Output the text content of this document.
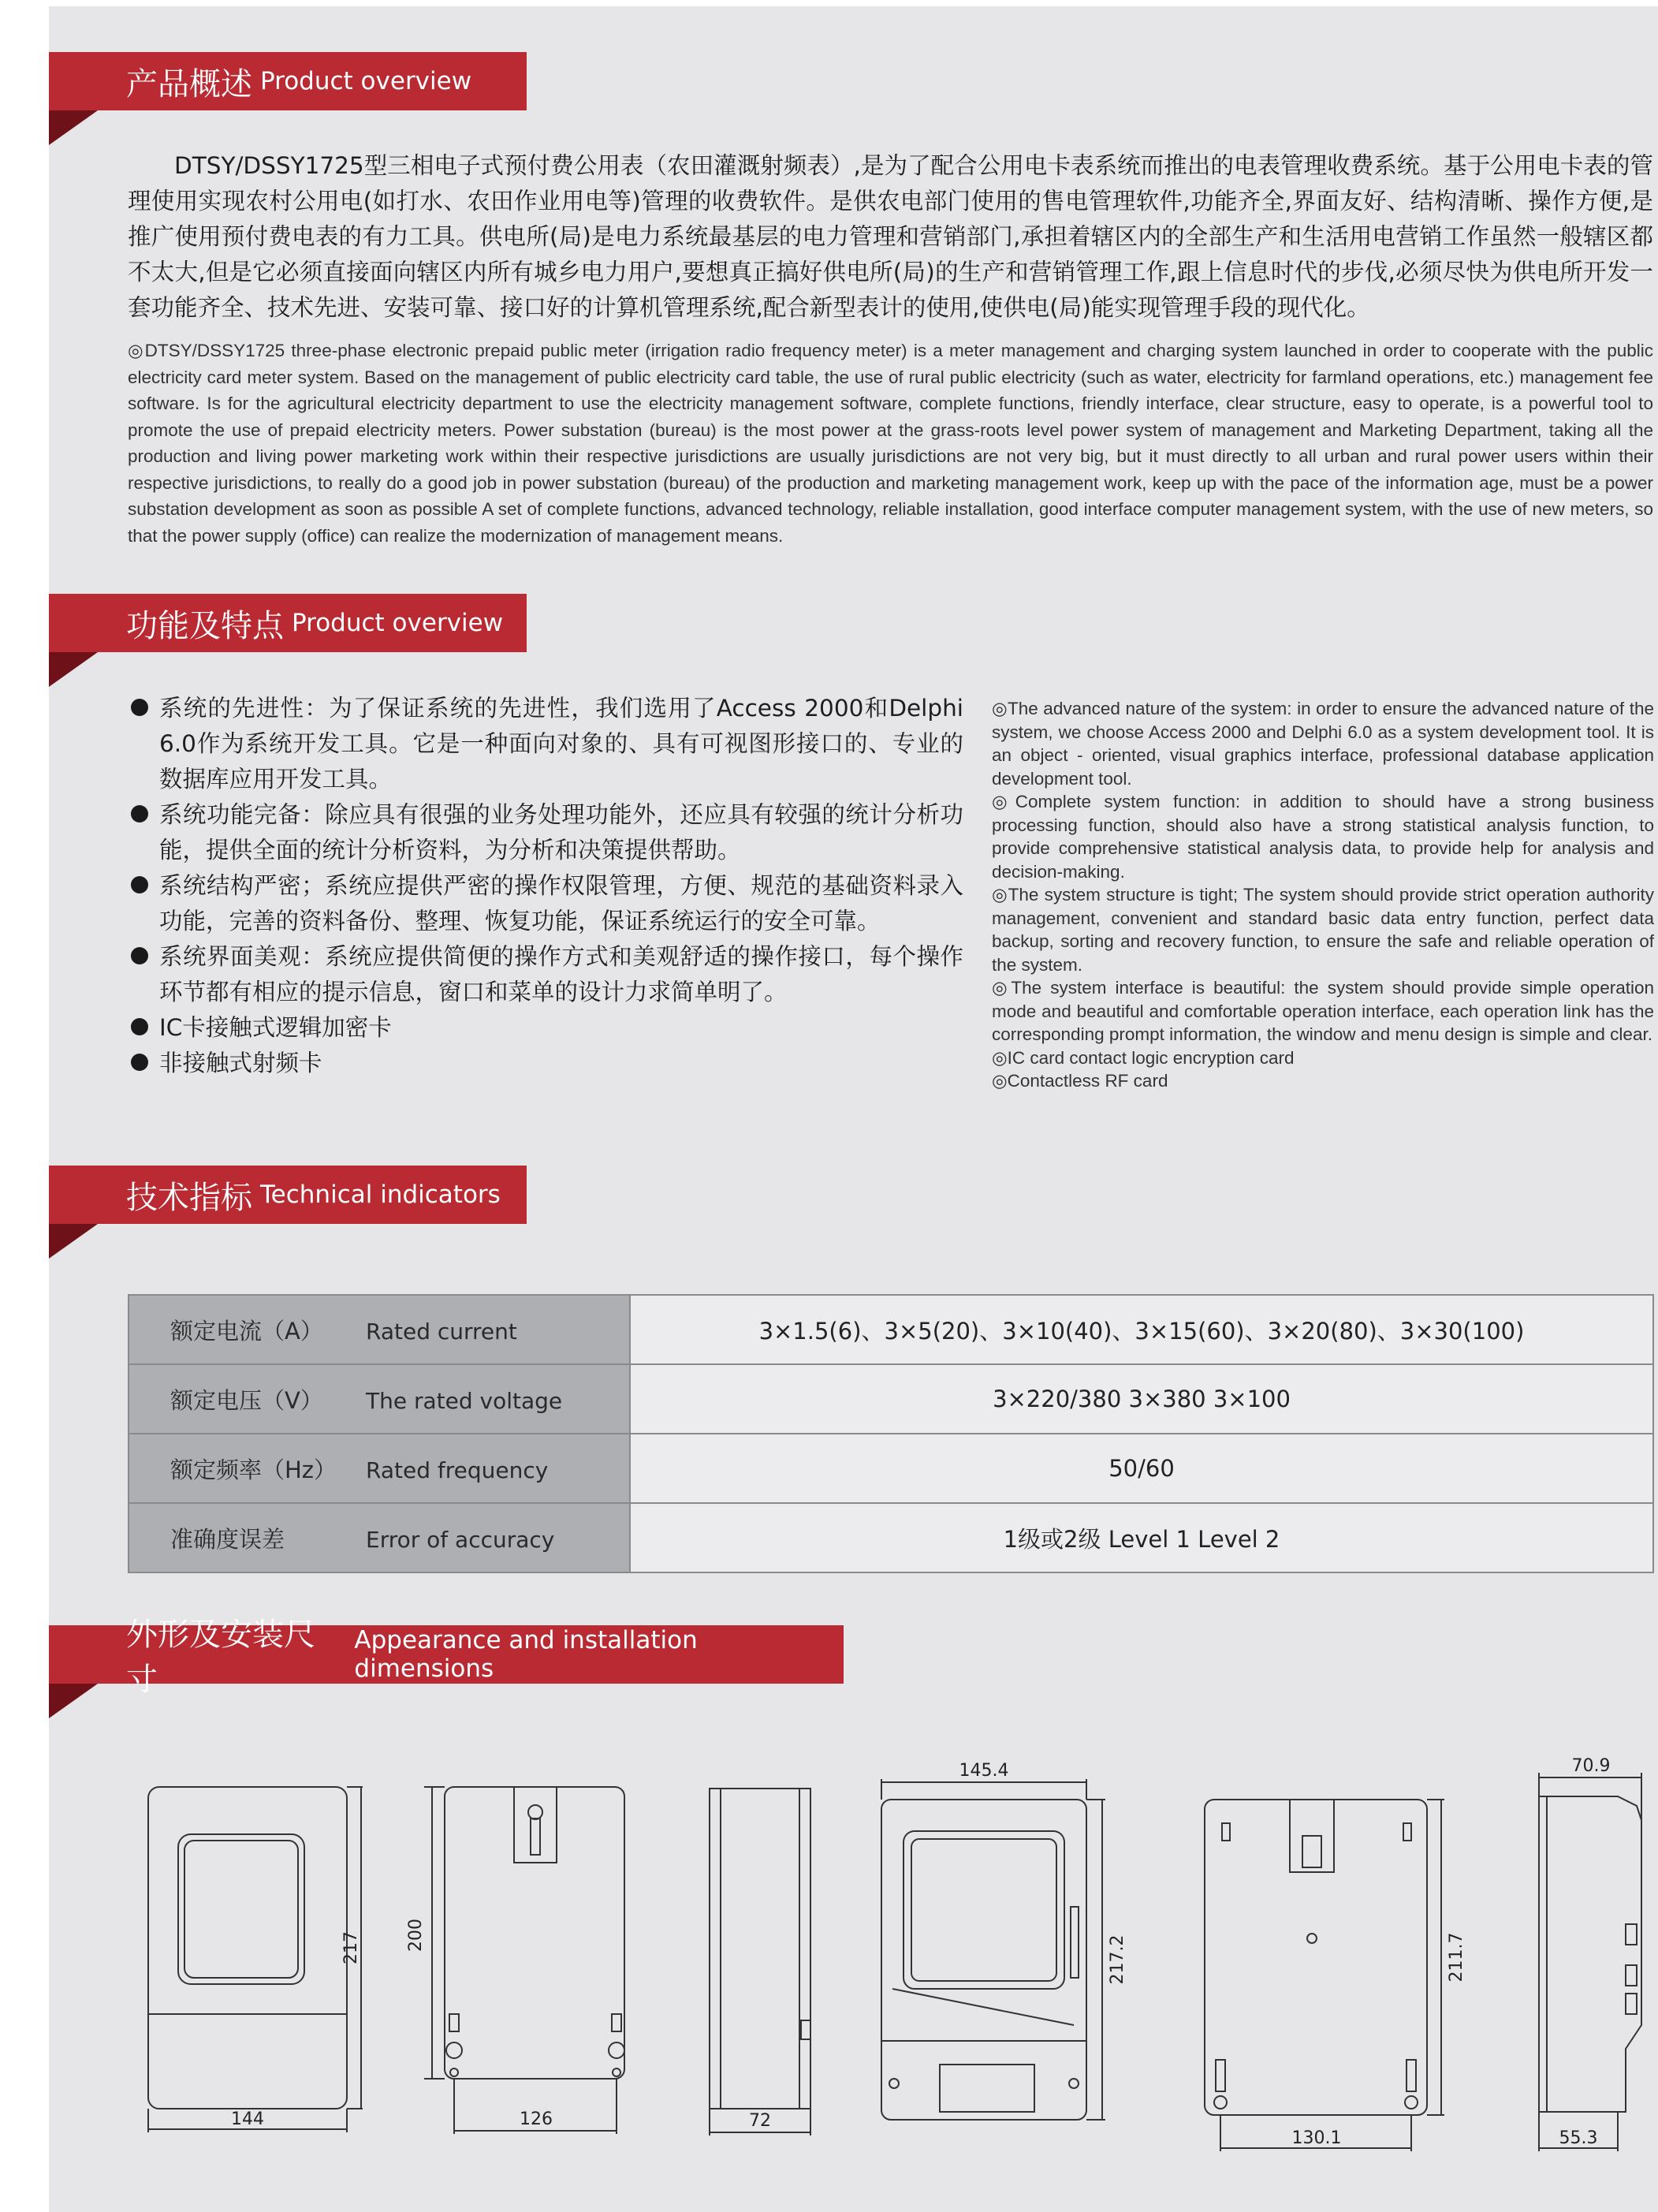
产品概述 Product overview

DTSY/DSSY1725型三相电子式预付费公用表（农田灌溉射频表）,是为了配合公用电卡表系统而推出的电表管理收费系统。基于公用电卡表的管理使用实现农村公用电(如打水、农田作业用电等)管理的收费软件。是供农电部门使用的售电管理软件,功能齐全,界面友好、结构清晰、操作方便,是推广使用预付费电表的有力工具。供电所(局)是电力系统最基层的电力管理和营销部门,承担着辖区内的全部生产和生活用电营销工作虽然一般辖区都不太大,但是它必须直接面向辖区内所有城乡电力用户,要想真正搞好供电所(局)的生产和营销管理工作,跟上信息时代的步伐,必须尽快为供电所开发一套功能齐全、技术先进、安装可靠、接口好的计算机管理系统,配合新型表计的使用,使供电(局)能实现管理手段的现代化。

◎DTSY/DSSY1725 three-phase electronic prepaid public meter (irrigation radio frequency meter) is a meter management and charging system launched in order to cooperate with the public electricity card meter system. Based on the management of public electricity card table, the use of rural public electricity (such as water, electricity for farmland operations, etc.) management fee software. Is for the agricultural electricity department to use the electricity management software, complete functions, friendly interface, clear structure, easy to operate, is a powerful tool to promote the use of prepaid electricity meters. Power substation (bureau) is the most power at the grass-roots level power system of management and Marketing Department, taking all the production and living power marketing work within their respective jurisdictions are usually jurisdictions are not very big, but it must directly to all urban and rural power users within their respective jurisdictions, to really do a good job in power substation (bureau) of the production and marketing management work, keep up with the pace of the information age, must be a power substation development as soon as possible A set of complete functions, advanced technology, reliable installation, good interface computer management system, with the use of new meters, so that the power supply (office) can realize the modernization of management means.

功能及特点 Product overview
系统的先进性：为了保证系统的先进性，我们选用了Access 2000和Delphi 6.0作为系统开发工具。它是一种面向对象的、具有可视图形接口的、专业的数据库应用开发工具。
系统功能完备：除应具有很强的业务处理功能外，还应具有较强的统计分析功能，提供全面的统计分析资料，为分析和决策提供帮助。
系统结构严密；系统应提供严密的操作权限管理，方便、规范的基础资料录入功能，完善的资料备份、整理、恢复功能，保证系统运行的安全可靠。
系统界面美观：系统应提供简便的操作方式和美观舒适的操作接口，每个操作环节都有相应的提示信息，窗口和菜单的设计力求简单明了。
IC卡接触式逻辑加密卡
非接触式射频卡
◎The advanced nature of the system: in order to ensure the advanced nature of the system, we choose Access 2000 and Delphi 6.0 as a system development tool. It is an object - oriented, visual graphics interface, professional database application development tool.
◎Complete system function: in addition to should have a strong business processing function, should also have a strong statistical analysis function, to provide comprehensive statistical analysis data, to provide help for analysis and decision-making.
◎The system structure is tight; The system should provide strict operation authority management, convenient and standard basic data entry function, perfect data backup, sorting and recovery function, to ensure the safe and reliable operation of the system.
◎The system interface is beautiful: the system should provide simple operation mode and beautiful and comfortable operation interface, each operation link has the corresponding prompt information, the window and menu design is simple and clear.
◎IC card contact logic encryption card
◎Contactless RF card
技术指标 Technical indicators
额定电流（A） Rated current	3×1.5(6)、3×5(20)、3×10(40)、3×15(60)、3×20(80)、3×30(100)
额定电压（V） The rated voltage	3×220/380 3×380 3×100
额定频率（Hz） Rated frequency	50/60
准确度误差 Error of accuracy	1级或2级 Level 1 Level 2
外形及安装尺寸
Appearance and installation dimensions
144
217
126
200
72
145.4
217.2
130.1
211.7
70.9
55.3
